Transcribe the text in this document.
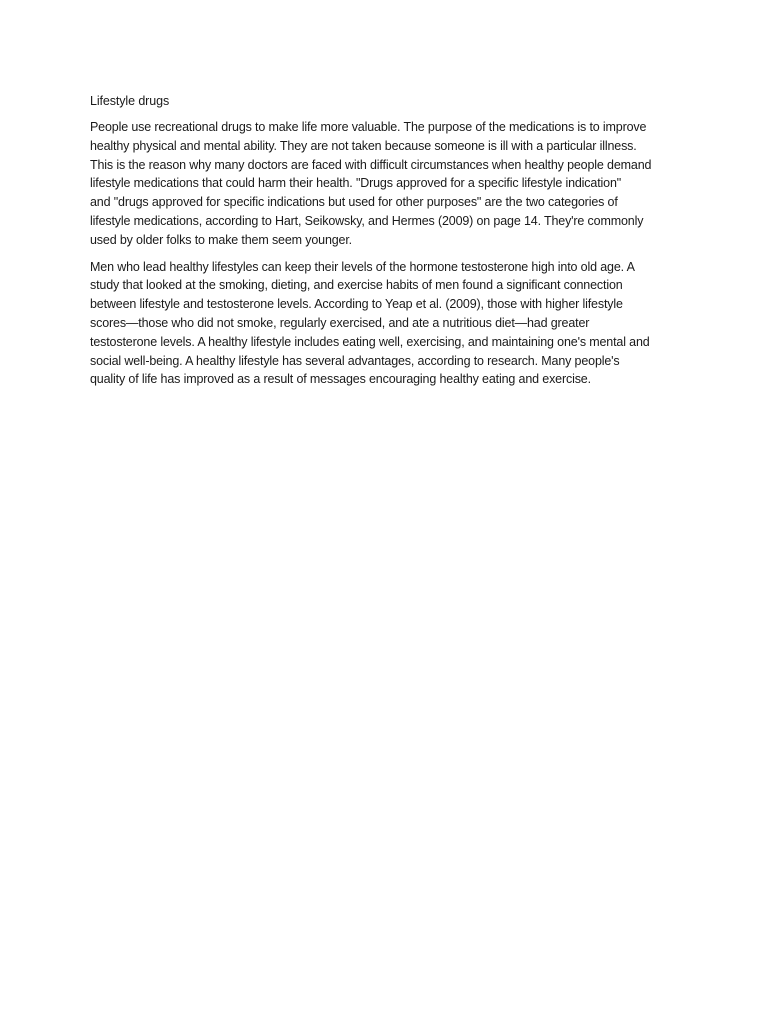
Lifestyle drugs

People use recreational drugs to make life more valuable. The purpose of the medications is to improve
healthy physical and mental ability. They are not taken because someone is ill with a particular illness.
This is the reason why many doctors are faced with difficult circumstances when healthy people demand
lifestyle medications that could harm their health. "Drugs approved for a specific lifestyle indication"
and "drugs approved for specific indications but used for other purposes" are the two categories of
lifestyle medications, according to Hart, Seikowsky, and Hermes (2009) on page 14. They're commonly
used by older folks to make them seem younger.

Men who lead healthy lifestyles can keep their levels of the hormone testosterone high into old age. A
study that looked at the smoking, dieting, and exercise habits of men found a significant connection
between lifestyle and testosterone levels. According to Yeap et al. (2009), those with higher lifestyle
scores—those who did not smoke, regularly exercised, and ate a nutritious diet—had greater
testosterone levels. A healthy lifestyle includes eating well, exercising, and maintaining one's mental and
social well-being. A healthy lifestyle has several advantages, according to research. Many people's
quality of life has improved as a result of messages encouraging healthy eating and exercise.
